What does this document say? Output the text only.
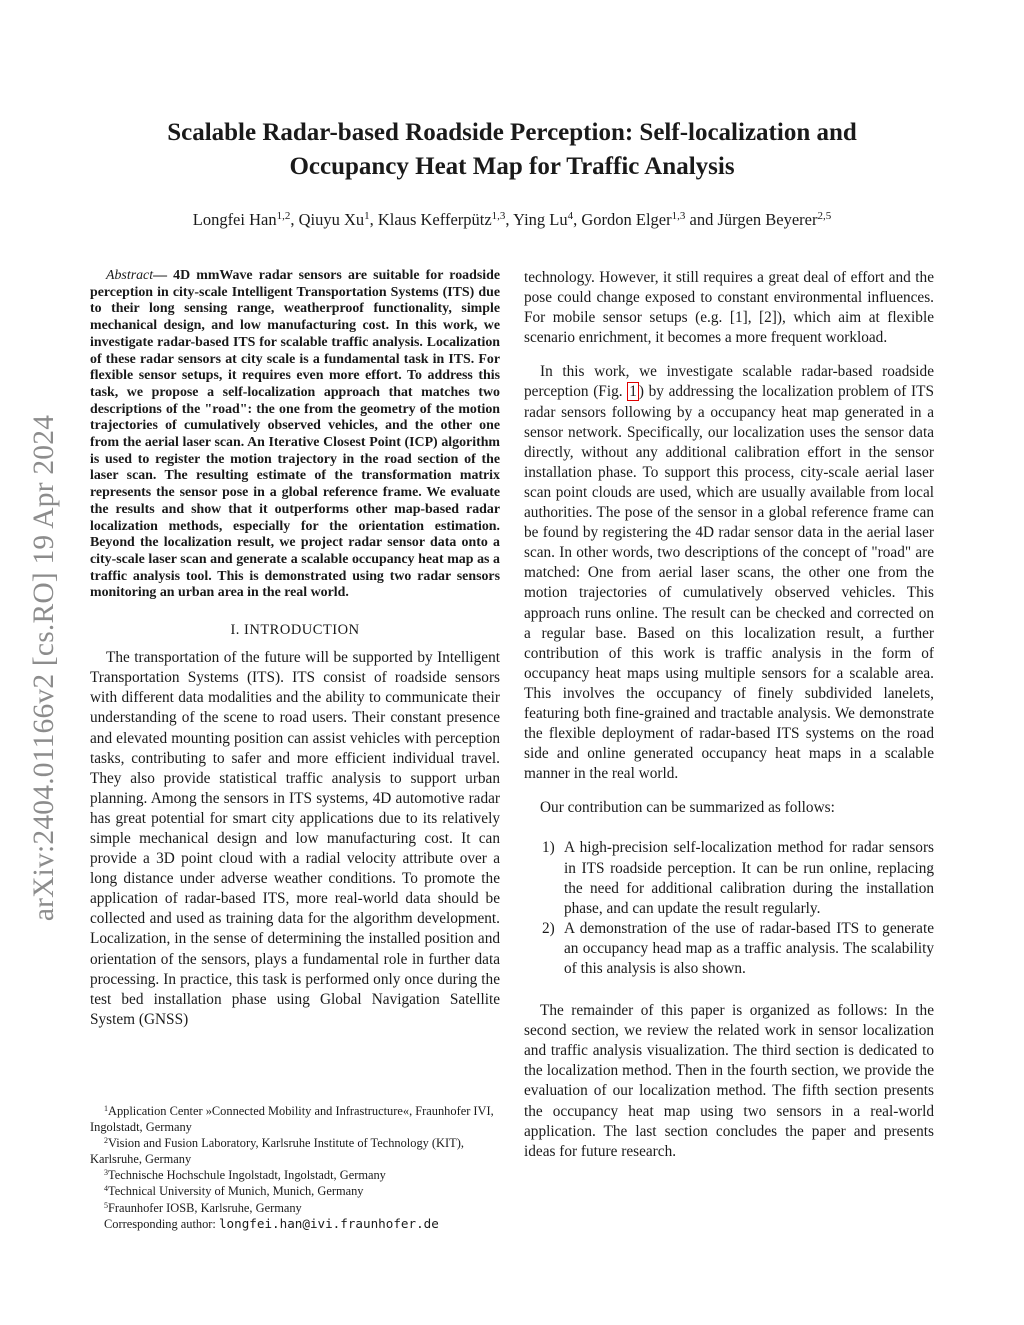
arXiv:2404.01166v2 [cs.RO] 19 Apr 2024
Scalable Radar-based Roadside Perception: Self-localization and
Occupancy Heat Map for Traffic Analysis
Longfei Han$^{1,2}$, Qiuyu Xu$^1$, Klaus Kefferpütz$^{1,3}$, Ying Lu$^4$, Gordon Elger$^{1,3}$ and Jürgen Beyerer$^{2,5}$

Abstract— 4D mmWave radar sensors are suitable for roadside perception in city-scale Intelligent Transportation Systems (ITS) due to their long sensing range, weatherproof functionality, simple mechanical design, and low manufacturing cost. In this work, we investigate radar-based ITS for scalable traffic analysis. Localization of these radar sensors at city scale is a fundamental task in ITS. For flexible sensor setups, it requires even more effort. To address this task, we propose a self-localization approach that matches two descriptions of the "road": the one from the geometry of the motion trajectories of cumulatively observed vehicles, and the other one from the aerial laser scan. An Iterative Closest Point (ICP) algorithm is used to register the motion trajectory in the road section of the laser scan. The resulting estimate of the transformation matrix represents the sensor pose in a global reference frame. We evaluate the results and show that it outperforms other map-based radar localization methods, especially for the orientation estimation. Beyond the localization result, we project radar sensor data onto a city-scale laser scan and generate a scalable occupancy heat map as a traffic analysis tool. This is demonstrated using two radar sensors monitoring an urban area in the real world.

I. INTRODUCTION

The transportation of the future will be supported by Intelligent Transportation Systems (ITS). ITS consist of roadside sensors with different data modalities and the ability to communicate their understanding of the scene to road users. Their constant presence and elevated mounting position can assist vehicles with perception tasks, contributing to safer and more efficient individual travel. They also provide statistical traffic analysis to support urban planning. Among the sensors in ITS systems, 4D automotive radar has great potential for smart city applications due to its relatively simple mechanical design and low manufacturing cost. It can provide a 3D point cloud with a radial velocity attribute over a long distance under adverse weather conditions. To promote the application of radar-based ITS, more real-world data should be collected and used as training data for the algorithm development. Localization, in the sense of determining the installed position and orientation of the sensors, plays a fundamental role in further data processing. In practice, this task is performed only once during the test bed installation phase using Global Navigation Satellite System (GNSS)

$^1$Application Center »Connected Mobility and Infrastructure«, Fraunhofer IVI, Ingolstadt, Germany

$^2$Vision and Fusion Laboratory, Karlsruhe Institute of Technology (KIT), Karlsruhe, Germany

$^3$Technische Hochschule Ingolstadt, Ingolstadt, Germany

$^4$Technical University of Munich, Munich, Germany

$^5$Fraunhofer IOSB, Karlsruhe, Germany

Corresponding author: longfei.han@ivi.fraunhofer.de

technology. However, it still requires a great deal of effort and the pose could change exposed to constant environmental influences. For mobile sensor setups (e.g. [1], [2]), which aim at flexible scenario enrichment, it becomes a more frequent workload.

In this work, we investigate scalable radar-based roadside perception (Fig. 1 ) by addressing the localization problem of ITS radar sensors following by a occupancy heat map generated in a sensor network. Specifically, our localization uses the sensor data directly, without any additional calibration effort in the sensor installation phase. To support this process, city-scale aerial laser scan point clouds are used, which are usually available from local authorities. The pose of the sensor in a global reference frame can be found by registering the 4D radar sensor data in the aerial laser scan. In other words, two descriptions of the concept of "road" are matched: One from aerial laser scans, the other one from the motion trajectories of cumulatively observed vehicles. This approach runs online. The result can be checked and corrected on a regular base. Based on this localization result, a further contribution of this work is traffic analysis in the form of occupancy heat maps using multiple sensors for a scalable area. This involves the occupancy of finely subdivided lanelets, featuring both fine-grained and tractable analysis. We demonstrate the flexible deployment of radar-based ITS systems on the road side and online generated occupancy heat maps in a scalable manner in the real world.

Our contribution can be summarized as follows:

1) A high-precision self-localization method for radar sensors in ITS roadside perception. It can be run online, replacing the need for additional calibration during the installation phase, and can update the result regularly.
2) A demonstration of the use of radar-based ITS to generate an occupancy head map as a traffic analysis. The scalability of this analysis is also shown.

The remainder of this paper is organized as follows: In the second section, we review the related work in sensor localization and traffic analysis visualization. The third section is dedicated to the localization method. Then in the fourth section, we provide the evaluation of our localization method. The fifth section presents the occupancy heat map using two sensors in a real-world application. The last section concludes the paper and presents ideas for future research.
